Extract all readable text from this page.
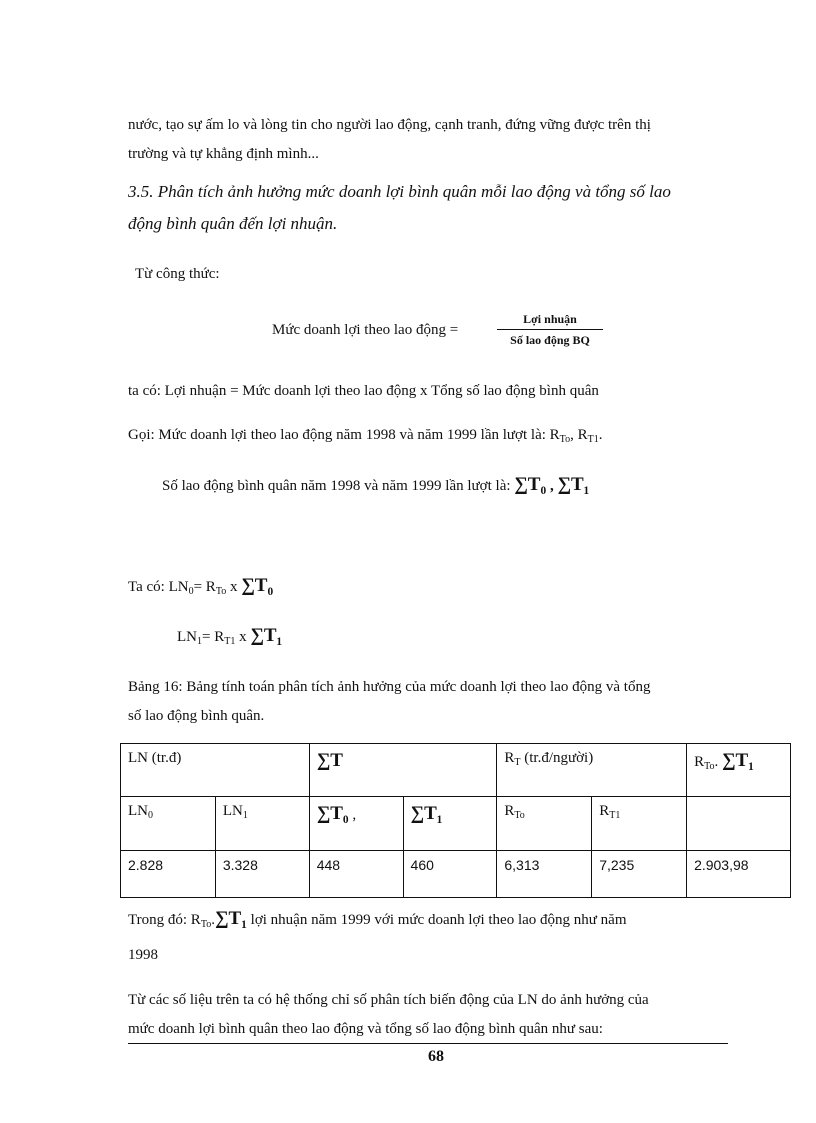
nước, tạo sự ấm lo và lòng tin cho người lao động, cạnh tranh, đứng vững được trên thị
trường và tự khẳng định mình...
3.5. Phân tích ảnh hưởng mức doanh lợi bình quân mỗi lao động và tổng số lao
động bình quân đến lợi nhuận.
Từ công thức:
Mức doanh lợi theo lao động =
Lợi nhuận
Số lao động BQ
ta có: Lợi nhuận = Mức doanh lợi theo lao động x Tổng số lao động bình quân
Gọi: Mức doanh lợi theo lao động năm 1998 và năm 1999 lần lượt là: $R_{To}$, $R_{T1}$.
Số lao động bình quân năm 1998 và năm 1999 lần lượt là: ∑T₀ , ∑T₁
Ta có: $LN_0= R_{To}$ x ∑T₀
$LN_1= R_{T1}$ x ∑T₁
Bảng 16: Bảng tính toán phân tích ảnh hưởng của mức doanh lợi theo lao động và tổng
số lao động bình quân.
LN (tr.đ)		∑T		$R_T$ (tr.đ/người)		$R_{To}$. ∑T₁
$LN_0$	$LN_1$	∑T₀ ,	∑T₁	$R_{To}$	$R_{T1}$	
2.828	3.328	448	460	6,313	7,235	2.903,98
Trong đó: $R_{To}.\sum T_1$ lợi nhuận năm 1999 với mức doanh lợi theo lao động như năm
1998
Từ các số liệu trên ta có hệ thống chỉ số phân tích biến động của LN do ảnh hưởng của
mức doanh lợi bình quân theo lao động và tổng số lao động bình quân như sau:
68
